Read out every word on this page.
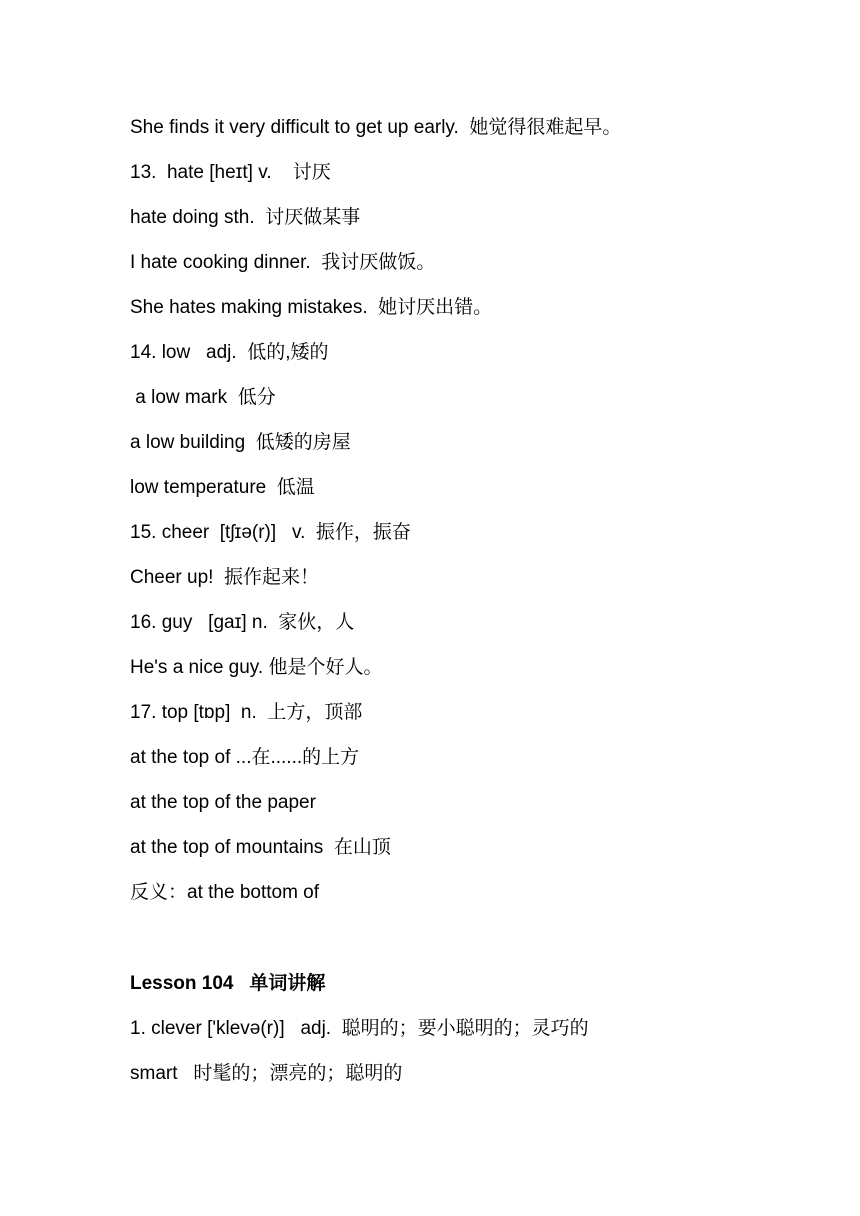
She finds it very difficult to get up early.  她觉得很难起早。
13.  hate [heɪt] v.    讨厌
hate doing sth.  讨厌做某事
I hate cooking dinner.  我讨厌做饭。
She hates making mistakes.  她讨厌出错。
14. low   adj.  低的,矮的
a low mark  低分
a low building  低矮的房屋
low temperature  低温
15. cheer  [tʃɪə(r)]   v.  振作，振奋
Cheer up!  振作起来！
16. guy   [gaɪ] n.  家伙，人
He's a nice guy. 他是个好人。
17. top [tɒp]  n.  上方，顶部
at the top of ...在......的上方
at the top of the paper
at the top of mountains  在山顶
反义：at the bottom of
Lesson 104   单词讲解
1. clever ['klevə(r)]   adj.  聪明的；要小聪明的；灵巧的
smart   时髦的；漂亮的；聪明的
